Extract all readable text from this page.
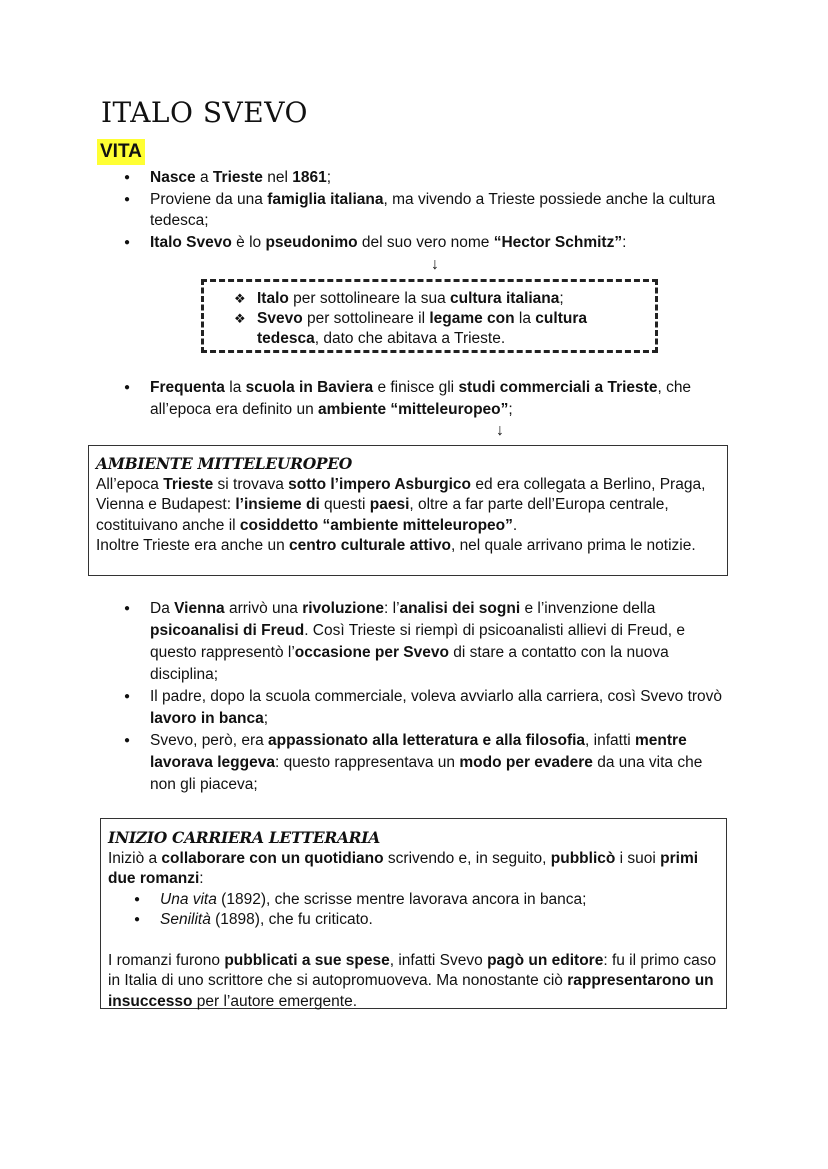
ITALO SVEVO
VITA
● Nasce a Trieste nel 1861;
● Proviene da una famiglia italiana, ma vivendo a Trieste possiede anche la cultura tedesca;
● Italo Svevo è lo pseudonimo del suo vero nome “Hector Schmitz”:
↓
❖ Italo per sottolineare la sua cultura italiana;
❖ Svevo per sottolineare il legame con la cultura tedesca, dato che abitava a Trieste.
● Frequenta la scuola in Baviera e finisce gli studi commerciali a Trieste, che all’epoca era definito un ambiente “mitteleuropeo”;
↓
AMBIENTE MITTELEUROPEO

All’epoca Trieste si trovava sotto l’impero Asburgico ed era collegata a Berlino, Praga, Vienna e Budapest: l’insieme di questi paesi, oltre a far parte dell’Europa centrale, costituivano anche il cosiddetto “ambiente mitteleuropeo”.

Inoltre Trieste era anche un centro culturale attivo, nel quale arrivano prima le notizie.

● Da Vienna arrivò una rivoluzione: l’analisi dei sogni e l’invenzione della psicoanalisi di Freud. Così Trieste si riempì di psicoanalisti allievi di Freud, e questo rappresentò l’occasione per Svevo di stare a contatto con la nuova disciplina;
● Il padre, dopo la scuola commerciale, voleva avviarlo alla carriera, così Svevo trovò lavoro in banca;
● Svevo, però, era appassionato alla letteratura e alla filosofia, infatti mentre lavorava leggeva: questo rappresentava un modo per evadere da una vita che non gli piaceva;
INIZIO CARRIERA LETTERARIA

Iniziò a collaborare con un quotidiano scrivendo e, in seguito, pubblicò i suoi primi due romanzi:

● Una vita (1892), che scrisse mentre lavorava ancora in banca;
● Senilità (1898), che fu criticato.

I romanzi furono pubblicati a sue spese, infatti Svevo pagò un editore: fu il primo caso in Italia di uno scrittore che si autopromuoveva. Ma nonostante ciò rappresentarono un insuccesso per l’autore emergente.
